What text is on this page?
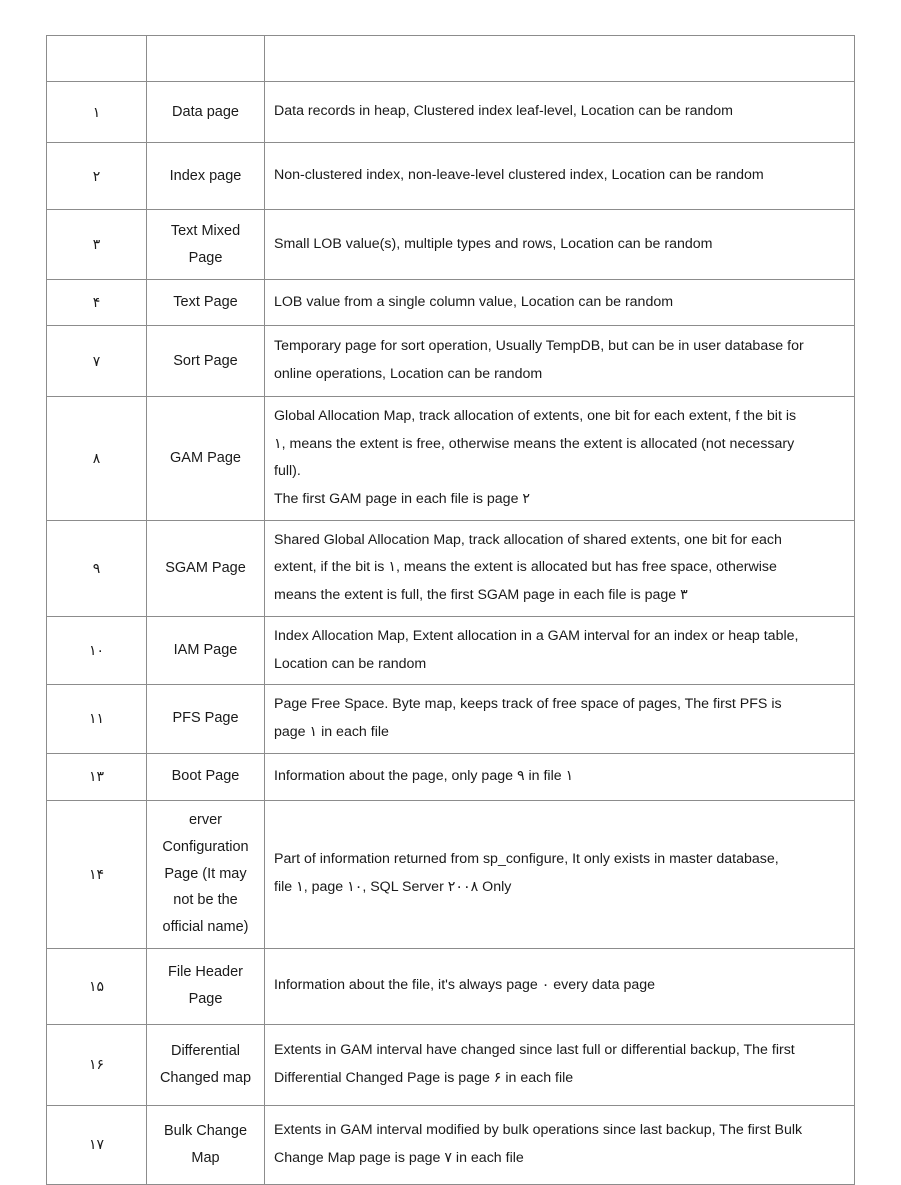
Page Type	Page Name	Discerption
۱	Data page	Data records in heap, Clustered index leaf-level, Location can be random

۲	Index page	Non-clustered index, non-leave-level clustered index, Location can be random

۳	Text Mixed
Page	Small LOB value(s), multiple types and rows, Location can be random

۴	Text Page	LOB value from a single column value, Location can be random

۷	Sort Page	Temporary page for sort operation, Usually TempDB, but can be in user database for
online operations, Location can be random

۸	GAM Page	Global Allocation Map, track allocation of extents, one bit for each extent, f the bit is
۱, means the extent is free, otherwise means the extent is allocated (not necessary
full).
The first GAM page in each file is page ۲

۹	SGAM Page	Shared Global Allocation Map, track allocation of shared extents, one bit for each
extent, if the bit is ۱, means the extent is allocated but has free space, otherwise
means the extent is full, the first SGAM page in each file is page ۳

۱۰	IAM Page	Index Allocation Map, Extent allocation in a GAM interval for an index or heap table,
Location can be random

۱۱	PFS Page	Page Free Space. Byte map, keeps track of free space of pages, The first PFS is
page ۱ in each file

۱۳	Boot Page	Information about the page, only page ۹ in file ۱

۱۴	erver
Configuration
Page (It may
not be the
official name)	Part of information returned from sp_configure, It only exists in master database,
file ۱, page ۱۰, SQL Server ۲۰۰۸ Only

۱۵	File Header
Page	Information about the file, it's always page ۰ every data page

۱۶	Differential
Changed map	Extents in GAM interval have changed since last full or differential backup, The first
Differential Changed Page is page ۶ in each file

۱۷	Bulk Change
Map	Extents in GAM interval modified by bulk operations since last backup, The first Bulk
Change Map page is page ۷ in each file
